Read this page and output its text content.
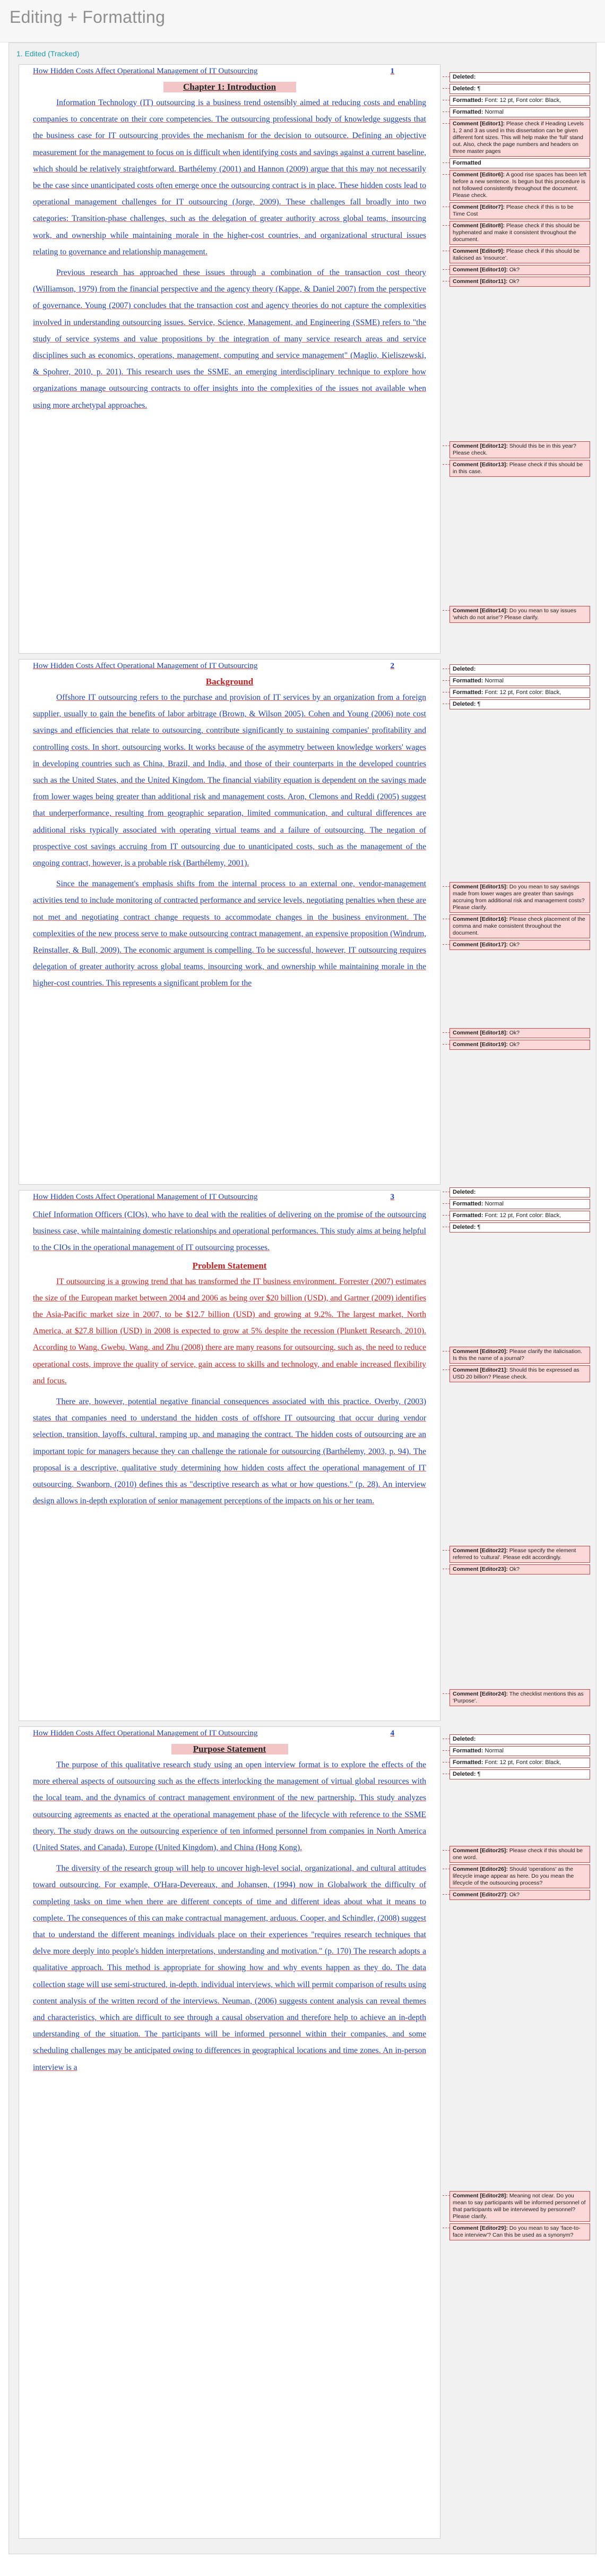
Editing + Formatting
1. Edited (Tracked)
How Hidden Costs Affect Operational Management of IT Outsourcing	1
Chapter 1: Introduction

Information Technology (IT) outsourcing is a business trend ostensibly aimed at reducing costs and enabling companies to concentrate on their core competencies. The outsourcing professional body of knowledge suggests that the business case for IT outsourcing provides the mechanism for the decision to outsource. Defining an objective measurement for the management to focus on is difficult when identifying costs and savings against a current baseline, which should be relatively straightforward. Barthélemy (2001) and Hannon (2009) argue that this may not necessarily be the case since unanticipated costs often emerge once the outsourcing contract is in place. These hidden costs lead to operational management challenges for IT outsourcing (Jorge, 2009). These challenges fall broadly into two categories: Transition-phase challenges, such as the delegation of greater authority across global teams, insourcing work, and ownership while maintaining morale in the higher-cost countries, and organizational structural issues relating to governance and relationship management.

Previous research has approached these issues through a combination of the transaction cost theory (Williamson, 1979) from the financial perspective and the agency theory (Kappe, & Daniel 2007) from the perspective of governance. Young (2007) concludes that the transaction cost and agency theories do not capture the complexities involved in understanding outsourcing issues. Service, Science, Management, and Engineering (SSME) refers to "the study of service systems and value propositions by the integration of many service research areas and service disciplines such as economics, operations, management, computing and service management" (Maglio, Kieliszewski, & Spohrer, 2010, p. 201). This research uses the SSME, an emerging interdisciplinary technique to explore how organizations manage outsourcing contracts to offer insights into the complexities of the issues not available when using more archetypal approaches.

How Hidden Costs Affect Operational Management of IT Outsourcing	2
Background

Offshore IT outsourcing refers to the purchase and provision of IT services by an organization from a foreign supplier, usually to gain the benefits of labor arbitrage (Brown, & Wilson 2005). Cohen and Young (2006) note cost savings and efficiencies that relate to outsourcing, contribute significantly to sustaining companies' profitability and controlling costs. In short, outsourcing works. It works because of the asymmetry between knowledge workers' wages in developing countries such as China, Brazil, and India, and those of their counterparts in the developed countries such as the United States, and the United Kingdom. The financial viability equation is dependent on the savings made from lower wages being greater than additional risk and management costs. Aron, Clemons and Reddi (2005) suggest that underperformance, resulting from geographic separation, limited communication, and cultural differences are additional risks typically associated with operating virtual teams and a failure of outsourcing. The negation of prospective cost savings accruing from IT outsourcing due to unanticipated costs, such as the management of the ongoing contract, however, is a probable risk (Barthélemy, 2001).

Since the management's emphasis shifts from the internal process to an external one, vendor-management activities tend to include monitoring of contracted performance and service levels, negotiating penalties when these are not met and negotiating contract change requests to accommodate changes in the business environment. The complexities of the new process serve to make outsourcing contract management, an expensive proposition (Windrum, Reinstaller, & Bull, 2009). The economic argument is compelling. To be successful, however, IT outsourcing requires delegation of greater authority across global teams, insourcing work, and ownership while maintaining morale in the higher-cost countries. This represents a significant problem for the

How Hidden Costs Affect Operational Management of IT Outsourcing	3

Chief Information Officers (CIOs), who have to deal with the realities of delivering on the promise of the outsourcing business case, while maintaining domestic relationships and operational performances. This study aims at being helpful to the CIOs in the operational management of IT outsourcing processes.

Problem Statement

IT outsourcing is a growing trend that has transformed the IT business environment. Forrester (2007) estimates the size of the European market between 2004 and 2006 as being over $20 billion (USD), and Gartner (2009) identifies the Asia-Pacific market size in 2007, to be $12.7 billion (USD) and growing at 9.2%. The largest market, North America, at $27.8 billion (USD) in 2008 is expected to grow at 5% despite the recession (Plunkett Research, 2010). According to Wang, Gwebu, Wang, and Zhu (2008) there are many reasons for outsourcing, such as, the need to reduce operational costs, improve the quality of service, gain access to skills and technology, and enable increased flexibility and focus.

There are, however, potential negative financial consequences associated with this practice. Overby, (2003) states that companies need to understand the hidden costs of offshore IT outsourcing that occur during vendor selection, transition, layoffs, cultural, ramping up, and managing the contract. The hidden costs of outsourcing are an important topic for managers because they can challenge the rationale for outsourcing (Barthélemy, 2003, p. 94). The proposal is a descriptive, qualitative study determining how hidden costs affect the operational management of IT outsourcing. Swanborn, (2010) defines this as "descriptive research as what or how questions." (p. 28). An interview design allows in-depth exploration of senior management perceptions of the impacts on his or her team.

How Hidden Costs Affect Operational Management of IT Outsourcing	4
Purpose Statement

The purpose of this qualitative research study using an open interview format is to explore the effects of the more ethereal aspects of outsourcing such as the effects interlocking the management of virtual global resources with the local team, and the dynamics of contract management environment of the new partnership. This study analyzes outsourcing agreements as enacted at the operational management phase of the lifecycle with reference to the SSME theory. The study draws on the outsourcing experience of ten informed personnel from companies in North America (United States, and Canada), Europe (United Kingdom), and China (Hong Kong).

The diversity of the research group will help to uncover high-level social, organizational, and cultural attitudes toward outsourcing. For example, O'Hara-Devereaux, and Johansen, (1994) now in Globalwork the difficulty of completing tasks on time when there are different concepts of time and different ideas about what it means to complete. The consequences of this can make contractual management, arduous. Cooper, and Schindler, (2008) suggest that to understand the different meanings individuals place on their experiences "requires research techniques that delve more deeply into people's hidden interpretations, understanding and motivation." (p. 170) The research adopts a qualitative approach. This method is appropriate for showing how and why events happen as they do. The data collection stage will use semi-structured, in-depth, individual interviews, which will permit comparison of results using content analysis of the written record of the interviews. Neuman, (2006) suggests content analysis can reveal themes and characteristics, which are difficult to see through a causal observation and therefore help to achieve an in-depth understanding of the situation. The participants will be informed personnel within their companies, and some scheduling challenges may be anticipated owing to differences in geographical locations and time zones. An in-person interview is a

Deleted:
Deleted: ¶
Formatted: Font: 12 pt, Font color: Black,
Formatted: Normal
Comment [Editor1]: Please check if Heading Levels 1, 2 and 3 as used in this dissertation can be given different font sizes. This will help make the 'full' stand out. Also, check the page numbers and headers on three master pages
Formatted
Comment [Editor6]: A good rise spaces has been left before a new sentence. Is begun but this procedure is not followed consistently throughout the document. Please check.
Comment [Editor7]: Please check if this is to be Time Cost
Comment [Editor8]: Please check if this should be hyphenated and make it consistent throughout the document.
Comment [Editor9]: Please check if this should be italicised as 'insource'.
Comment [Editor10]: Ok?
Comment [Editor11]: Ok?
Comment [Editor12]: Should this be in this year? Please check.
Comment [Editor13]: Please check if this should be in this case.
Comment [Editor14]: Do you mean to say issues 'which do not arise'? Please clarify.
Deleted:
Formatted: Normal
Formatted: Font: 12 pt, Font color: Black,
Deleted: ¶
Comment [Editor15]: Do you mean to say savings made from lower wages are greater than savings accruing from additional risk and management costs? Please clarify.
Comment [Editor16]: Please check placement of the comma and make consistent throughout the document.
Comment [Editor17]: Ok?
Comment [Editor18]: Ok?
Comment [Editor19]: Ok?
Deleted:
Formatted: Normal
Formatted: Font: 12 pt, Font color: Black,
Deleted: ¶
Comment [Editor20]: Please clarify the italicisation. Is this the name of a journal?
Comment [Editor21]: Should this be expressed as USD 20 billion? Please check.
Comment [Editor22]: Please specify the element referred to 'cultural'. Please edit accordingly.
Comment [Editor23]: Ok?
Comment [Editor24]: The checklist mentions this as 'Purpose'.
Deleted:
Formatted: Normal
Formatted: Font: 12 pt, Font color: Black,
Deleted: ¶
Comment [Editor25]: Please check if this should be one word.
Comment [Editor26]: Should 'operations' as the lifecycle image appear as here. Do you mean the lifecycle of the outsourcing process?
Comment [Editor27]: Ok?
Comment [Editor28]: Meaning not clear. Do you mean to say participants will be informed personnel of that participants will be interviewed by personnel? Please clarify.
Comment [Editor29]: Do you mean to say 'face-to-face interview'? Can this be used as a synonym?
